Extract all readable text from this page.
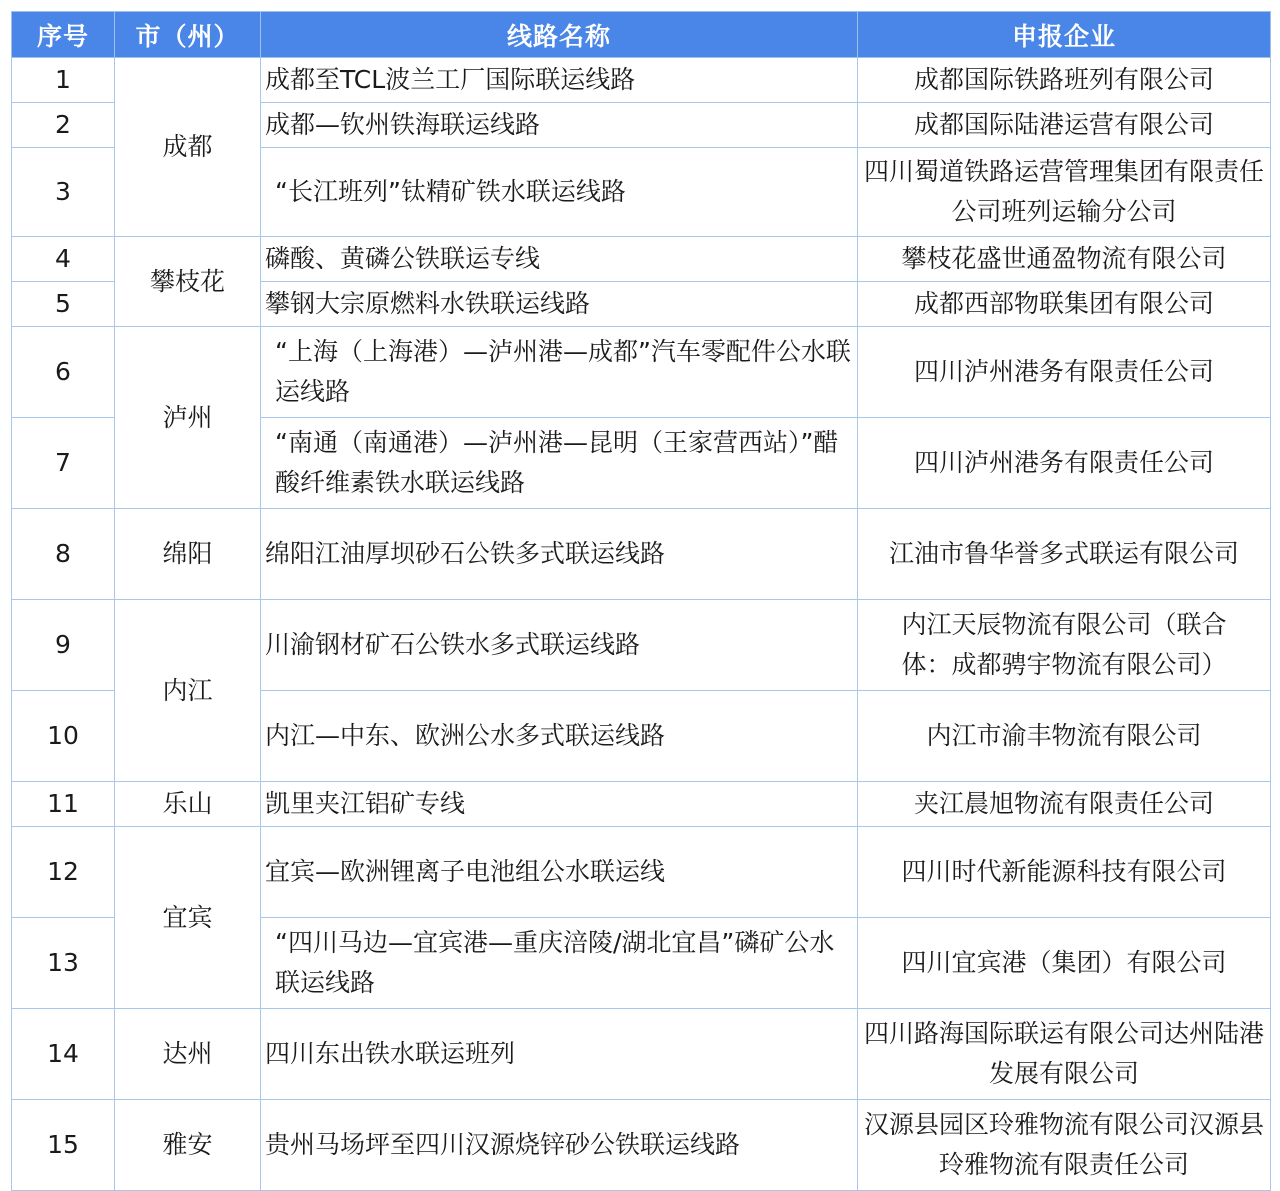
序号	市（州）	线路名称	申报企业
1	成都	成都至TCL波兰工厂国际联运线路	成都国际铁路班列有限公司
2		成都—钦州铁海联运线路	成都国际陆港运营有限公司
3		“长江班列”钛精矿铁水联运线路	四川蜀道铁路运营管理集团有限责任公司班列运输分公司
4	攀枝花	磷酸、黄磷公铁联运专线	攀枝花盛世通盈物流有限公司
5		攀钢大宗原燃料水铁联运线路	成都西部物联集团有限公司
6	泸州	“上海（上海港）—泸州港—成都”汽车零配件公水联运线路	四川泸州港务有限责任公司
7		“南通（南通港）—泸州港—昆明（王家营西站）”醋酸纤维素铁水联运线路	四川泸州港务有限责任公司
8	绵阳	绵阳江油厚坝砂石公铁多式联运线路	江油市鲁华誉多式联运有限公司
9	内江	川渝钢材矿石公铁水多式联运线路	内江天辰物流有限公司（联合体：成都骋宇物流有限公司）
10		内江—中东、欧洲公水多式联运线路	内江市渝丰物流有限公司
11	乐山	凯里夹江铝矿专线	夹江晨旭物流有限责任公司
12	宜宾	宜宾—欧洲锂离子电池组公水联运线	四川时代新能源科技有限公司
13		“四川马边—宜宾港—重庆涪陵/湖北宜昌”磷矿公水联运线路	四川宜宾港（集团）有限公司
14	达州	四川东出铁水联运班列	四川路海国际联运有限公司达州陆港发展有限公司
15	雅安	贵州马场坪至四川汉源烧锌砂公铁联运线路	汉源县园区玲雅物流有限公司汉源县玲雅物流有限责任公司
